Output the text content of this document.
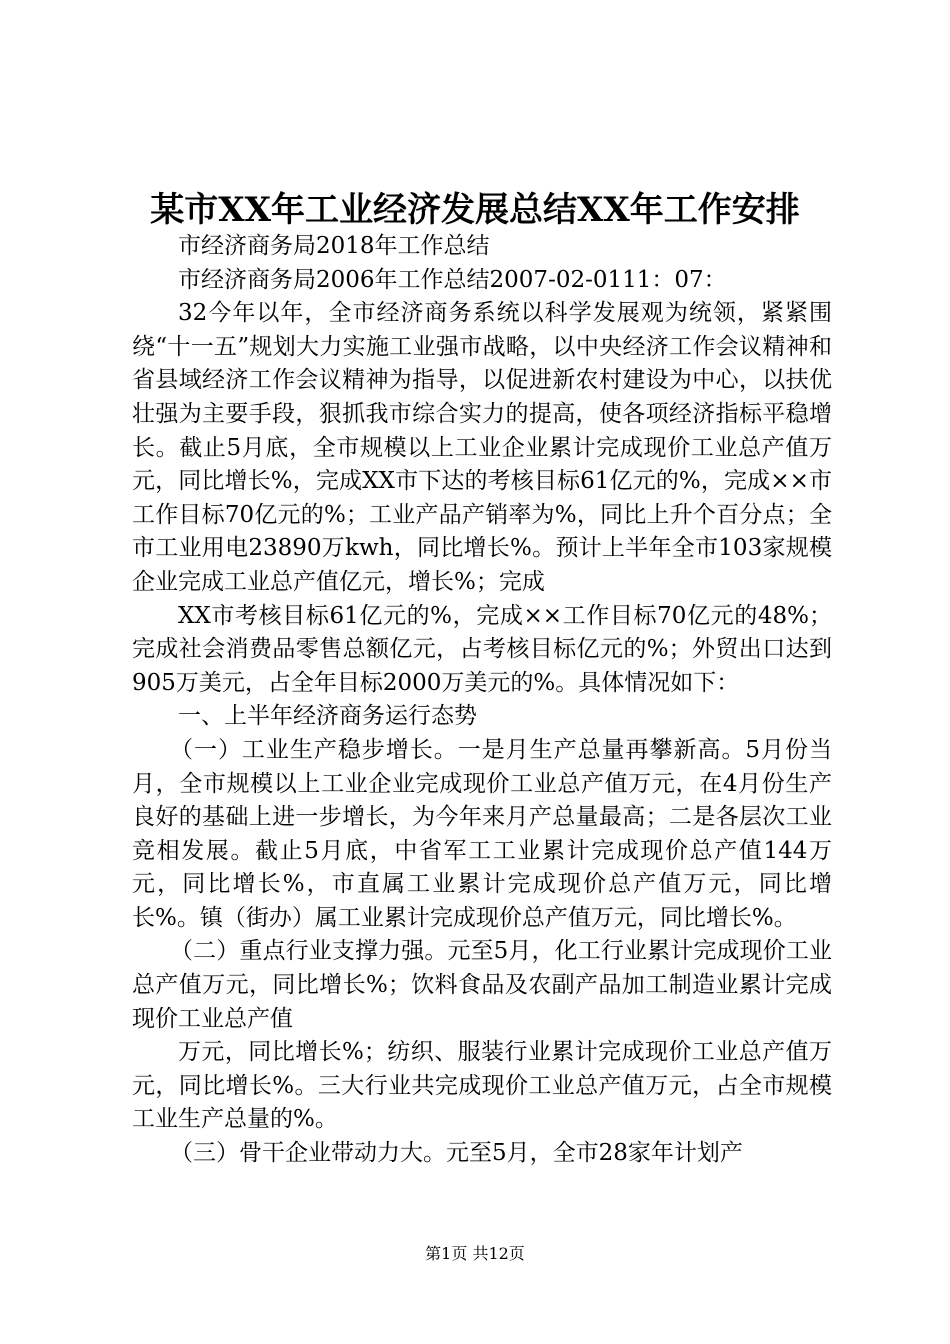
某市XX年工业经济发展总结XX年工作安排

市经济商务局2018年工作总结

市经济商务局2006年工作总结2007-02-0111：07：

32今年以年，全市经济商务系统以科学发展观为统领，紧紧围绕“十一五”规划大力实施工业强市战略，以中央经济工作会议精神和省县域经济工作会议精神为指导，以促进新农村建设为中心，以扶优壮强为主要手段，狠抓我市综合实力的提高，使各项经济指标平稳增长。截止5月底，全市规模以上工业企业累计完成现价工业总产值万元，同比增长%，完成XX市下达的考核目标61亿元的%，完成××市工作目标70亿元的%；工业产品产销率为%，同比上升个百分点；全市工业用电23890万kwh，同比增长%。预计上半年全市103家规模企业完成工业总产值亿元，增长%；完成

XX市考核目标61亿元的%，完成××工作目标70亿元的48%；完成社会消费品零售总额亿元，占考核目标亿元的%；外贸出口达到905万美元，占全年目标2000万美元的%。具体情况如下：

一、上半年经济商务运行态势

（一）工业生产稳步增长。一是月生产总量再攀新高。5月份当月，全市规模以上工业企业完成现价工业总产值万元，在4月份生产良好的基础上进一步增长，为今年来月产总量最高；二是各层次工业竞相发展。截止5月底，中省军工工业累计完成现价总产值144万元，同比增长%，市直属工业累计完成现价总产值万元，同比增长%。镇（街办）属工业累计完成现价总产值万元，同比增长%。

（二）重点行业支撑力强。元至5月，化工行业累计完成现价工业总产值万元，同比增长%；饮料食品及农副产品加工制造业累计完成现价工业总产值

万元，同比增长%；纺织、服装行业累计完成现价工业总产值万元，同比增长%。三大行业共完成现价工业总产值万元，占全市规模工业生产总量的%。

（三）骨干企业带动力大。元至5月，全市28家年计划产

第1页 共12页
